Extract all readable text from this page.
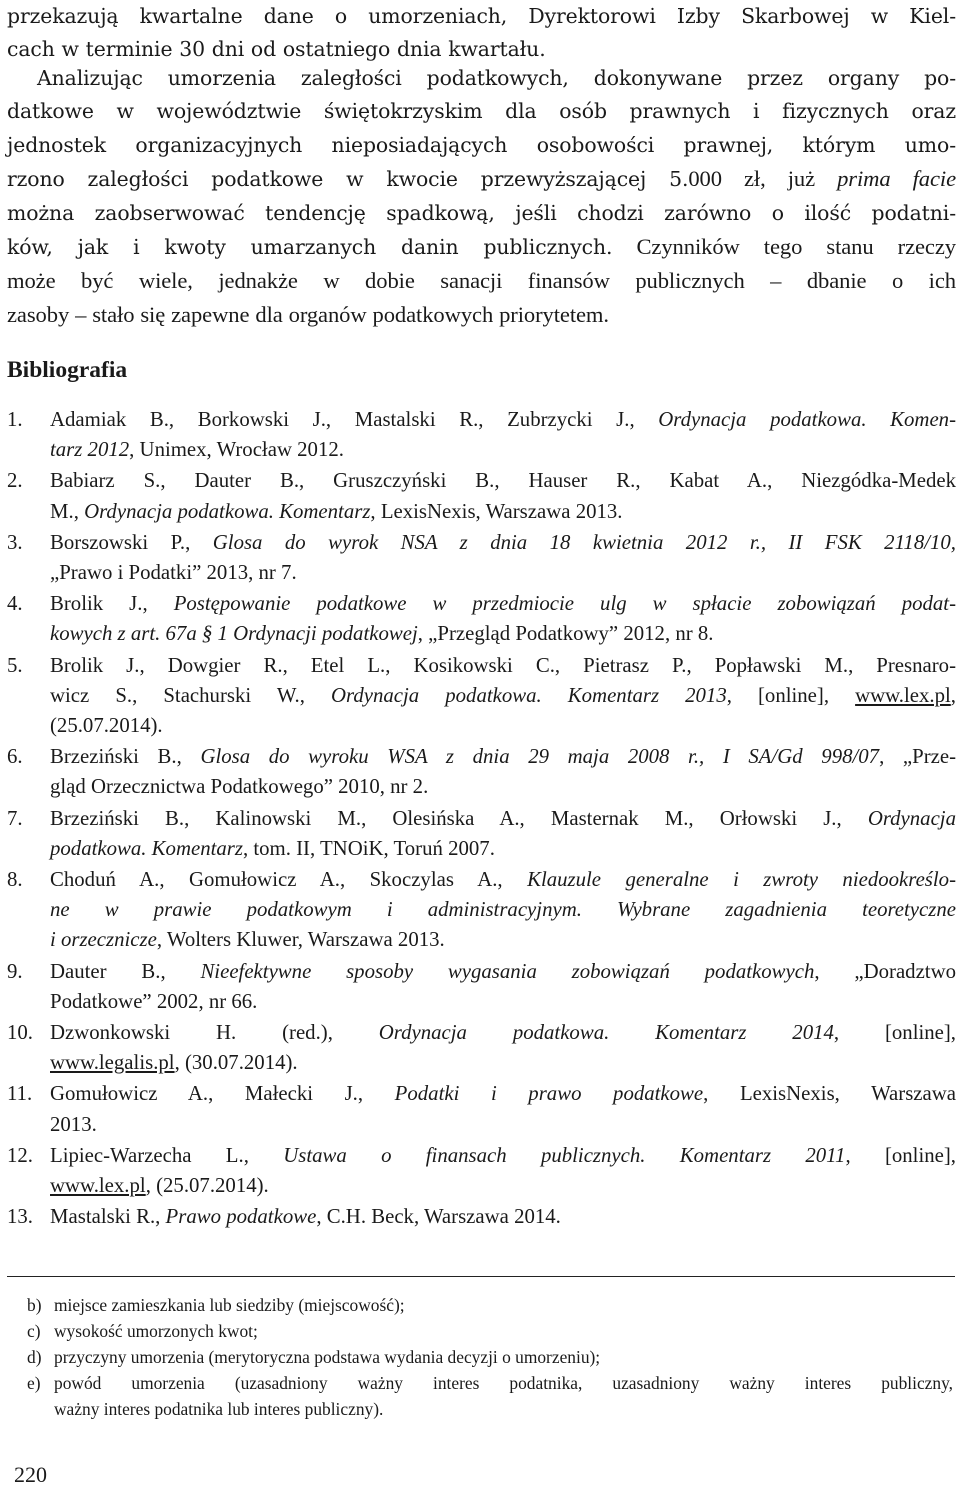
przekazują kwartalne dane o umorzeniach, Dyrektorowi Izby Skarbowej w Kiel-
cach w terminie 30 dni od ostatniego dnia kwartału.
Analizując umorzenia zaległości podatkowych, dokonywane przez organy po-
datkowe w województwie świętokrzyskim dla osób prawnych i fizycznych oraz
jednostek organizacyjnych nieposiadających osobowości prawnej, którym umo-
rzono zaległości podatkowe w kwocie przewyższającej 5.000 zł, już prima facie
można zaobserwować tendencję spadkową, jeśli chodzi zarówno o ilość podatni-
ków, jak i kwoty umarzanych danin publicznych. Czynników tego stanu rzeczy
może być wiele, jednakże w dobie sanacji finansów publicznych – dbanie o ich
zasoby – stało się zapewne dla organów podatkowych priorytetem.
Bibliografia
1. Adamiak B., Borkowski J., Mastalski R., Zubrzycki J., Ordynacja podatkowa. Komen-
tarz 2012, Unimex, Wrocław 2012.
2. Babiarz S., Dauter B., Gruszczyński B., Hauser R., Kabat A., Niezgódka-Medek
M., Ordynacja podatkowa. Komentarz, LexisNexis, Warszawa 2013.
3. Borszowski P., Glosa do wyrok NSA z dnia 18 kwietnia 2012 r., II FSK 2118/10,
„Prawo i Podatki” 2013, nr 7.
4. Brolik J., Postępowanie podatkowe w przedmiocie ulg w spłacie zobowiązań podat-
kowych z art. 67a § 1 Ordynacji podatkowej, „Przegląd Podatkowy” 2012, nr 8.
5. Brolik J., Dowgier R., Etel L., Kosikowski C., Pietrasz P., Popławski M., Presnaro-
wicz S., Stachurski W., Ordynacja podatkowa. Komentarz 2013, [online], www.lex.pl,
(25.07.2014).
6. Brzeziński B., Glosa do wyroku WSA z dnia 29 maja 2008 r., I SA/Gd 998/07, „Prze-
gląd Orzecznictwa Podatkowego” 2010, nr 2.
7. Brzeziński B., Kalinowski M., Olesińska A., Masternak M., Orłowski J., Ordynacja
podatkowa. Komentarz, tom. II, TNOiK, Toruń 2007.
8. Choduń A., Gomułowicz A., Skoczylas A., Klauzule generalne i zwroty niedookreślo-
ne w prawie podatkowym i administracyjnym. Wybrane zagadnienia teoretyczne
i orzecznicze, Wolters Kluwer, Warszawa 2013.
9. Dauter B., Nieefektywne sposoby wygasania zobowiązań podatkowych, „Doradztwo
Podatkowe” 2002, nr 66.
10. Dzwonkowski H. (red.), Ordynacja podatkowa. Komentarz 2014, [online],
www.legalis.pl, (30.07.2014).
11. Gomułowicz A., Małecki J., Podatki i prawo podatkowe, LexisNexis, Warszawa
2013.
12. Lipiec-Warzecha L., Ustawa o finansach publicznych. Komentarz 2011, [online],
www.lex.pl, (25.07.2014).
13. Mastalski R., Prawo podatkowe, C.H. Beck, Warszawa 2014.
b) miejsce zamieszkania lub siedziby (miejscowość);
c) wysokość umorzonych kwot;
d) przyczyny umorzenia (merytoryczna podstawa wydania decyzji o umorzeniu);
e) powód umorzenia (uzasadniony ważny interes podatnika, uzasadniony ważny interes publiczny,
ważny interes podatnika lub interes publiczny).
220
